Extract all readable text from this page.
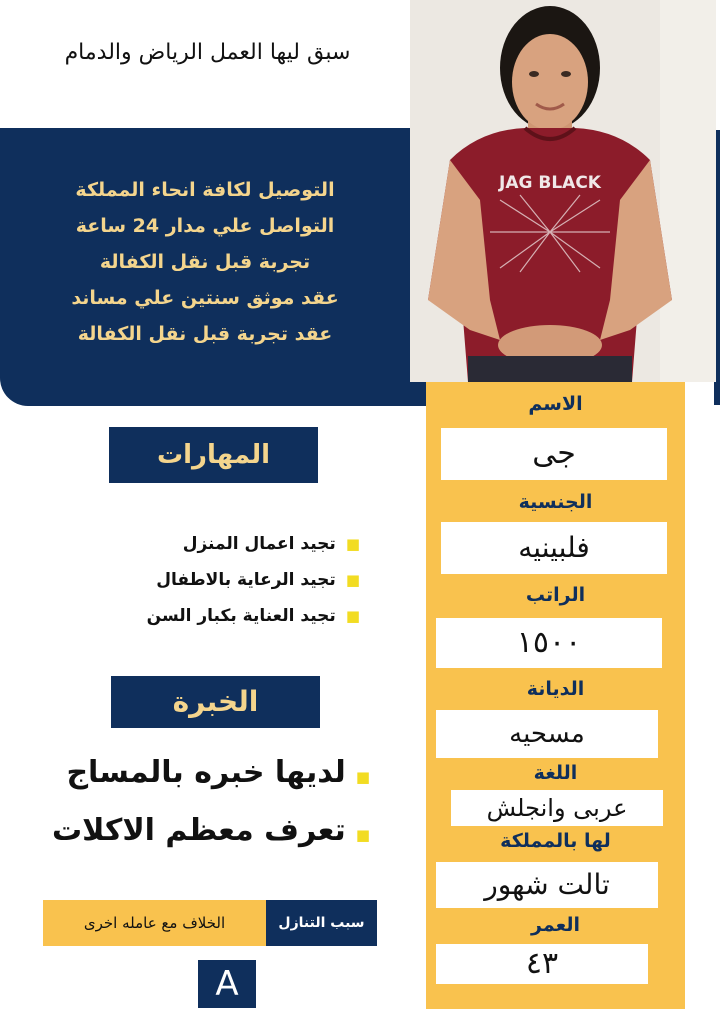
سبق ليها العمل الرياض والدمام
التوصيل لكافة انحاء المملكة
التواصل علي مدار 24 ساعة
تجربة قبل نقل الكفالة
عقد موثق سنتين علي مساند
عقد تجربة قبل نقل الكفالة
JAG BLACK
الاسم
جى
الجنسية
فلبينيه
الراتب
١٥٠٠
الديانة
مسحيه
اللغة
عربى وانجلش
لها بالمملكة
تالت شهور
العمر
٤٣
المهارات
■تجيد اعمال المنزل
■تجيد الرعاية بالاطفال
■تجيد العناية بكبار السن
الخبرة
■لديها خبره بالمساج
■تعرف معظم الاكلات
سبب التنازل
الخلاف مع عامله اخرى
A
